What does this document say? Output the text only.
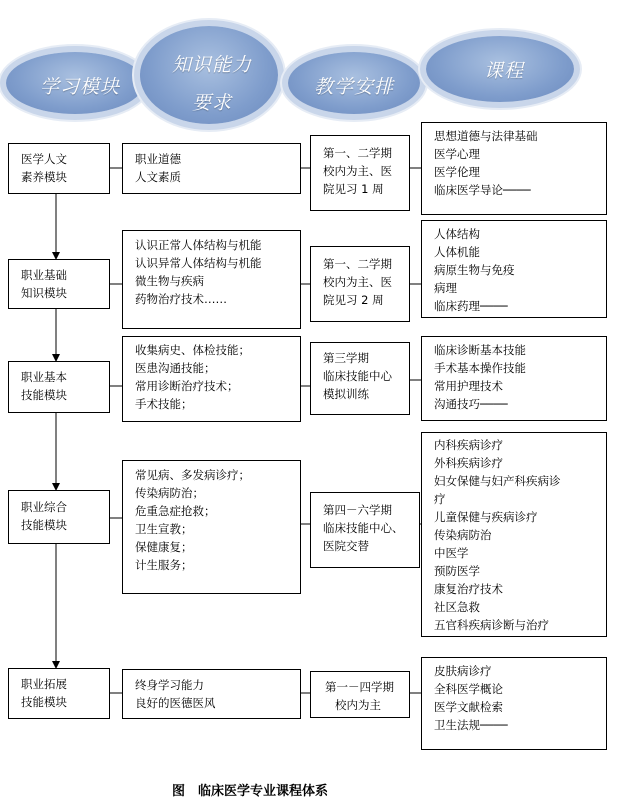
学习模块
知识能力
要求
教学安排
课程
医学人文
素养模块
职业道德
人文素质
第一、二学期
校内为主、医
院见习 1 周
思想道德与法律基础
医学心理
医学伦理
临床医学导论────
职业基础
知识模块
认识正常人体结构与机能
认识异常人体结构与机能
微生物与疾病
药物治疗技术……
第一、二学期
校内为主、医
院见习 2 周
人体结构
人体机能
病原生物与免疫
病理
临床药理────
职业基本
技能模块
收集病史、体检技能；
医患沟通技能；
常用诊断治疗技术；
手术技能；
第三学期
临床技能中心
模拟训练
临床诊断基本技能
手术基本操作技能
常用护理技术
沟通技巧────
职业综合
技能模块
常见病、多发病诊疗；
传染病防治；
危重急症抢救；
卫生宣教；
保健康复；
计生服务；
第四－六学期
临床技能中心、
医院交替
内科疾病诊疗
外科疾病诊疗
妇女保健与妇产科疾病诊
疗
儿童保健与疾病诊疗
传染病防治
中医学
预防医学
康复治疗技术
社区急救
五官科疾病诊断与治疗
职业拓展
技能模块
终身学习能力
良好的医德医风
第一－四学期
校内为主
皮肤病诊疗
全科医学概论
医学文献检索
卫生法规────
图　临床医学专业课程体系
